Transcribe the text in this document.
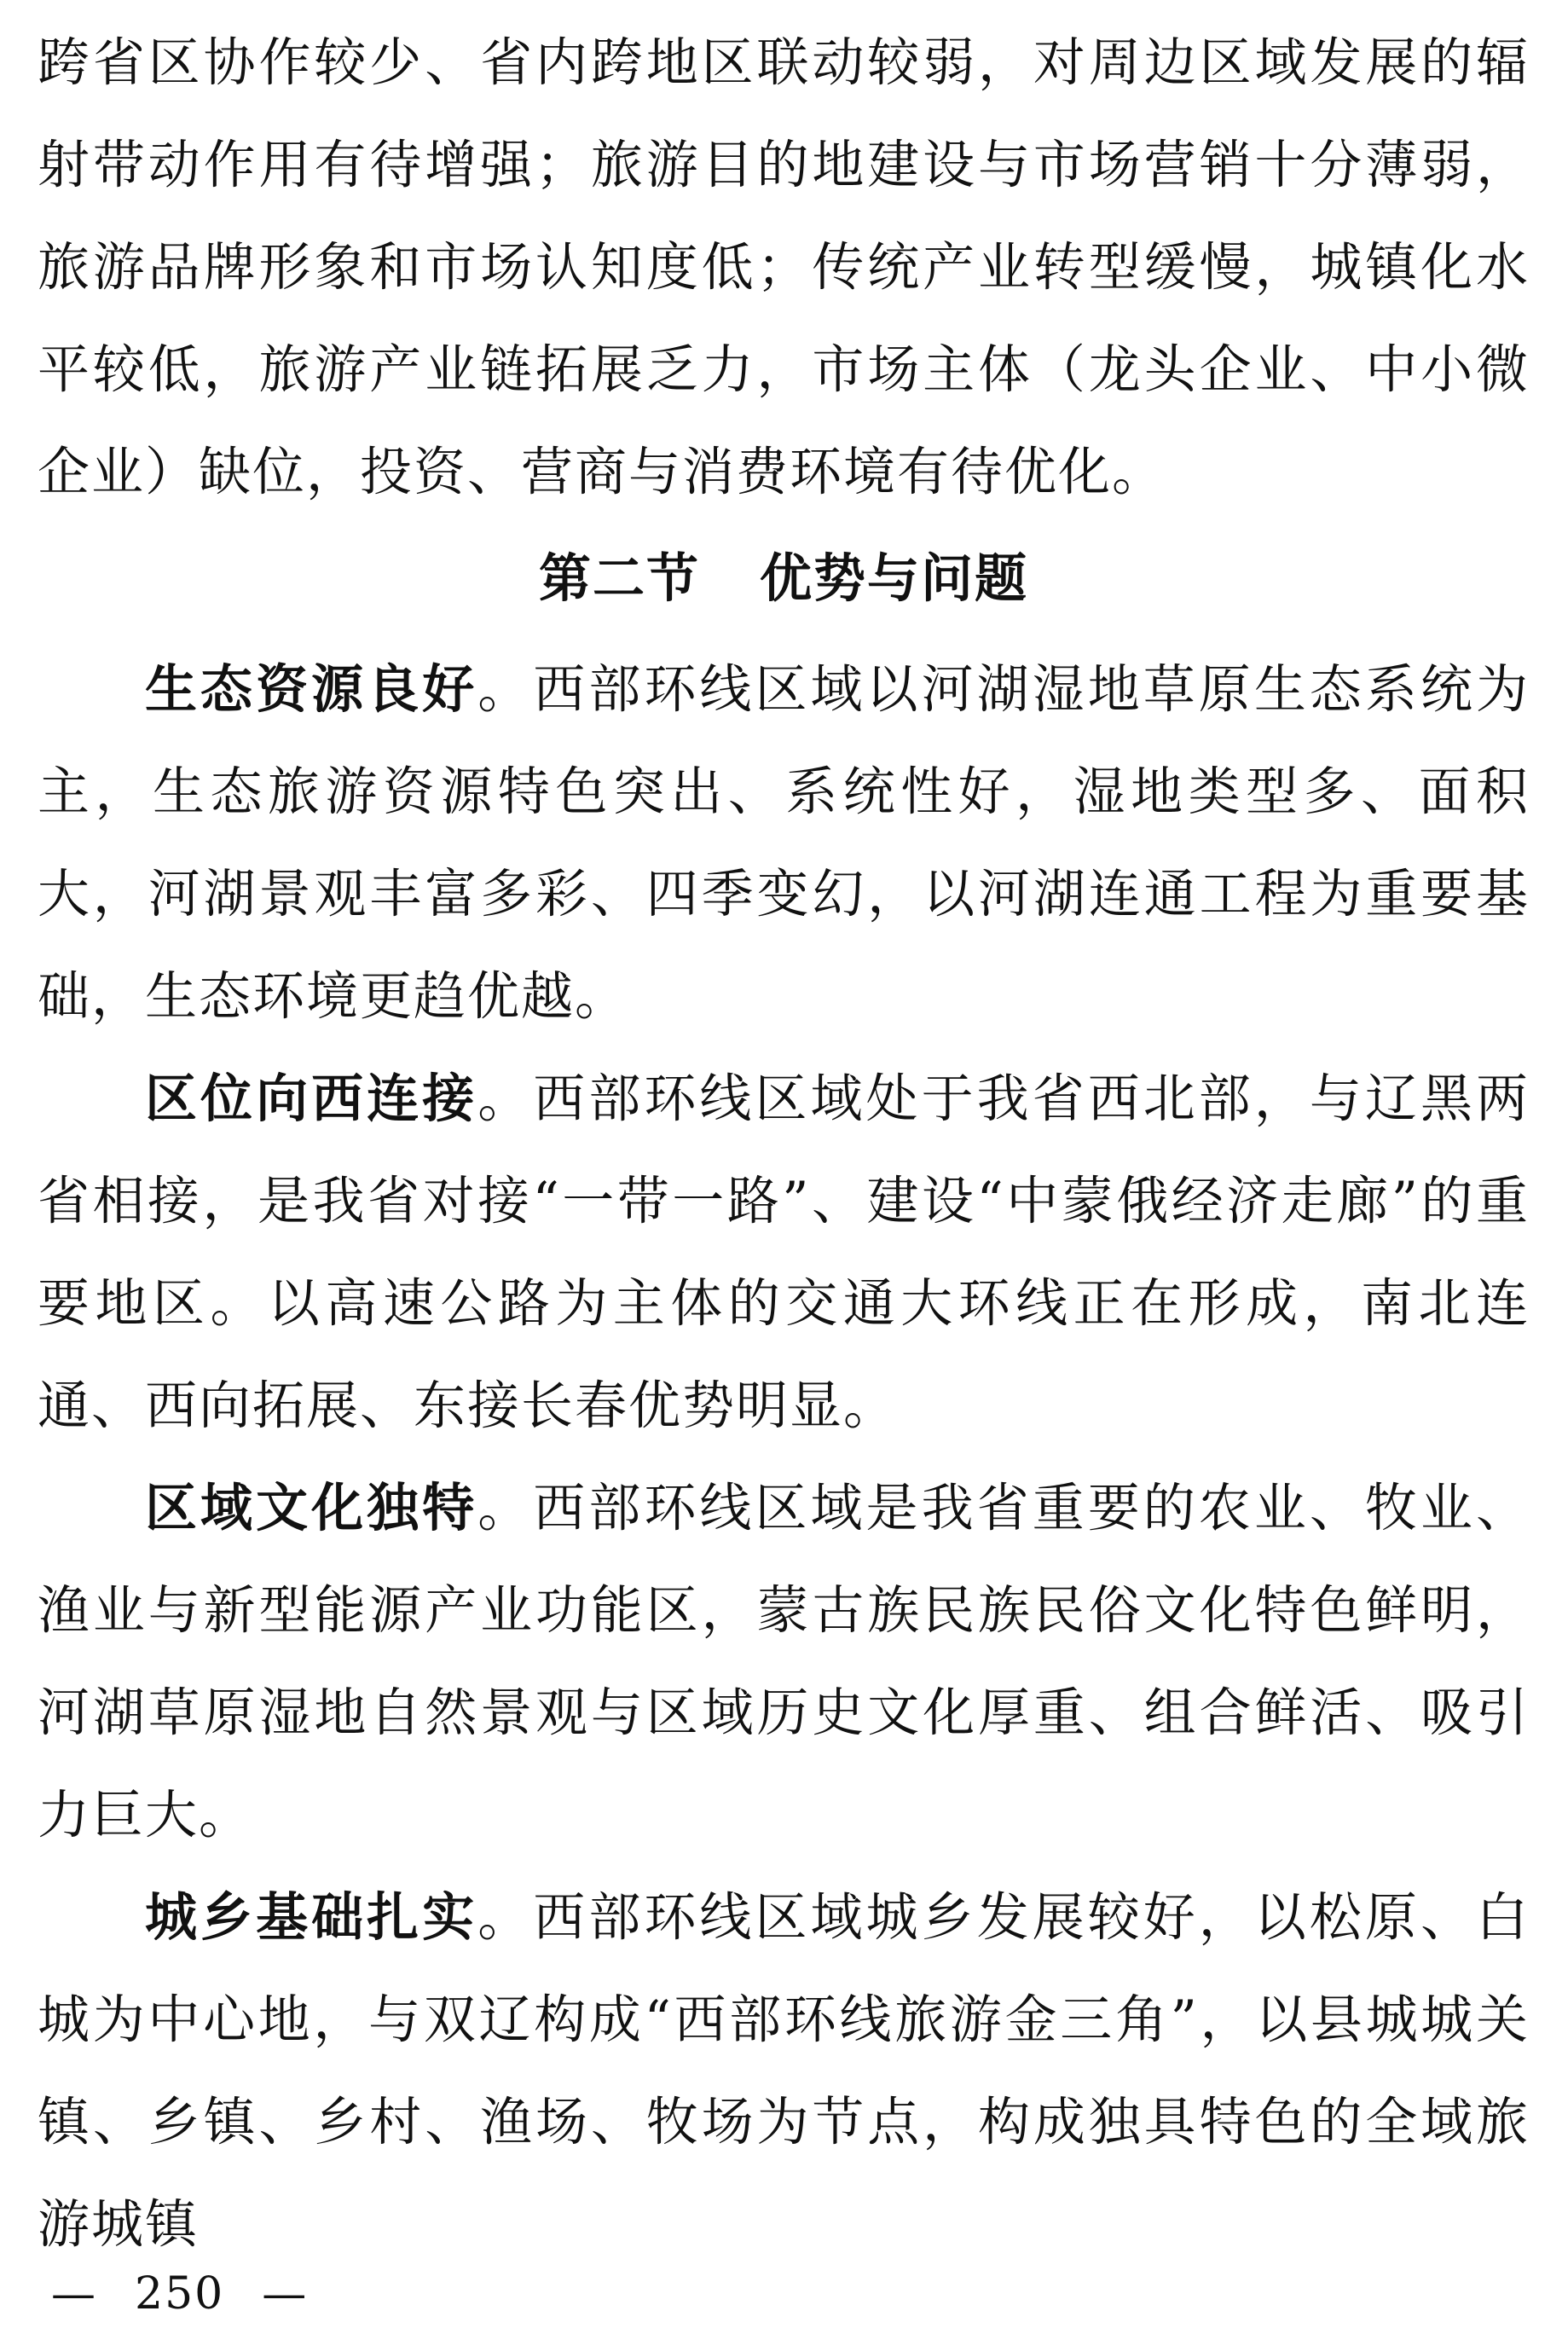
跨省区协作较少、省内跨地区联动较弱，对周边区域发展的辐射带动作用有待增强；旅游目的地建设与市场营销十分薄弱，旅游品牌形象和市场认知度低；传统产业转型缓慢，城镇化水平较低，旅游产业链拓展乏力，市场主体（龙头企业、中小微企业）缺位，投资、营商与消费环境有待优化。

第二节 优势与问题

生态资源良好。西部环线区域以河湖湿地草原生态系统为主，生态旅游资源特色突出、系统性好，湿地类型多、面积大，河湖景观丰富多彩、四季变幻，以河湖连通工程为重要基础，生态环境更趋优越。

区位向西连接。西部环线区域处于我省西北部，与辽黑两省相接，是我省对接“一带一路”、建设“中蒙俄经济走廊”的重要地区。以高速公路为主体的交通大环线正在形成，南北连通、西向拓展、东接长春优势明显。

区域文化独特。西部环线区域是我省重要的农业、牧业、渔业与新型能源产业功能区，蒙古族民族民俗文化特色鲜明，河湖草原湿地自然景观与区域历史文化厚重、组合鲜活、吸引力巨大。

城乡基础扎实。西部环线区域城乡发展较好，以松原、白城为中心地，与双辽构成“西部环线旅游金三角”，以县城城关镇、乡镇、乡村、渔场、牧场为节点，构成独具特色的全域旅游城镇

— 250 —
